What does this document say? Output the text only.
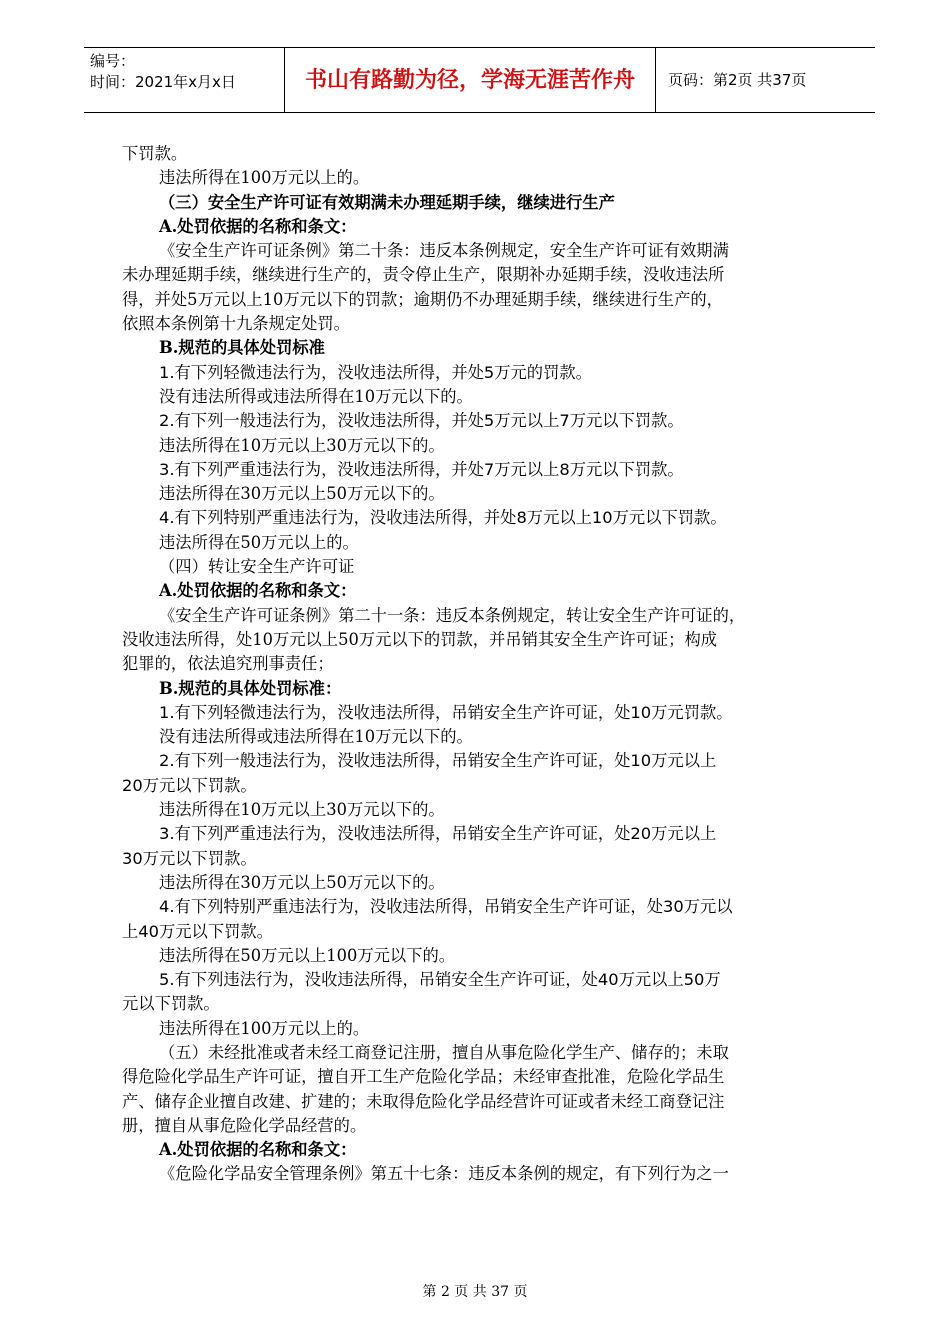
编号：
时间：2021年x月x日	书山有路勤为径，学海无涯苦作舟	页码：第2页 共37页
下罚款。
违法所得在100万元以上的。
（三）安全生产许可证有效期满未办理延期手续，继续进行生产
A.处罚依据的名称和条文：
《安全生产许可证条例》第二十条：违反本条例规定，安全生产许可证有效期满
未办理延期手续，继续进行生产的，责令停止生产，限期补办延期手续，没收违法所
得，并处5万元以上10万元以下的罚款；逾期仍不办理延期手续，继续进行生产的，
依照本条例第十九条规定处罚。
B.规范的具体处罚标准
1.有下列轻微违法行为，没收违法所得，并处5万元的罚款。
没有违法所得或违法所得在10万元以下的。
2.有下列一般违法行为，没收违法所得，并处5万元以上7万元以下罚款。
违法所得在10万元以上30万元以下的。
3.有下列严重违法行为，没收违法所得，并处7万元以上8万元以下罚款。
违法所得在30万元以上50万元以下的。
4.有下列特别严重违法行为，没收违法所得，并处8万元以上10万元以下罚款。
违法所得在50万元以上的。
（四）转让安全生产许可证
A.处罚依据的名称和条文：
《安全生产许可证条例》第二十一条：违反本条例规定，转让安全生产许可证的，
没收违法所得，处10万元以上50万元以下的罚款，并吊销其安全生产许可证；构成
犯罪的，依法追究刑事责任；
B.规范的具体处罚标准：
1.有下列轻微违法行为，没收违法所得，吊销安全生产许可证，处10万元罚款。
没有违法所得或违法所得在10万元以下的。
2.有下列一般违法行为，没收违法所得，吊销安全生产许可证，处10万元以上
20万元以下罚款。
违法所得在10万元以上30万元以下的。
3.有下列严重违法行为，没收违法所得，吊销安全生产许可证，处20万元以上
30万元以下罚款。
违法所得在30万元以上50万元以下的。
4.有下列特别严重违法行为，没收违法所得，吊销安全生产许可证，处30万元以
上40万元以下罚款。
违法所得在50万元以上100万元以下的。
5.有下列违法行为，没收违法所得，吊销安全生产许可证，处40万元以上50万
元以下罚款。
违法所得在100万元以上的。
（五）未经批准或者未经工商登记注册，擅自从事危险化学生产、储存的；未取
得危险化学品生产许可证，擅自开工生产危险化学品；未经审查批准，危险化学品生
产、储存企业擅自改建、扩建的；未取得危险化学品经营许可证或者未经工商登记注
册，擅自从事危险化学品经营的。
A.处罚依据的名称和条文：
《危险化学品安全管理条例》第五十七条：违反本条例的规定，有下列行为之一
第 2 页 共 37 页
